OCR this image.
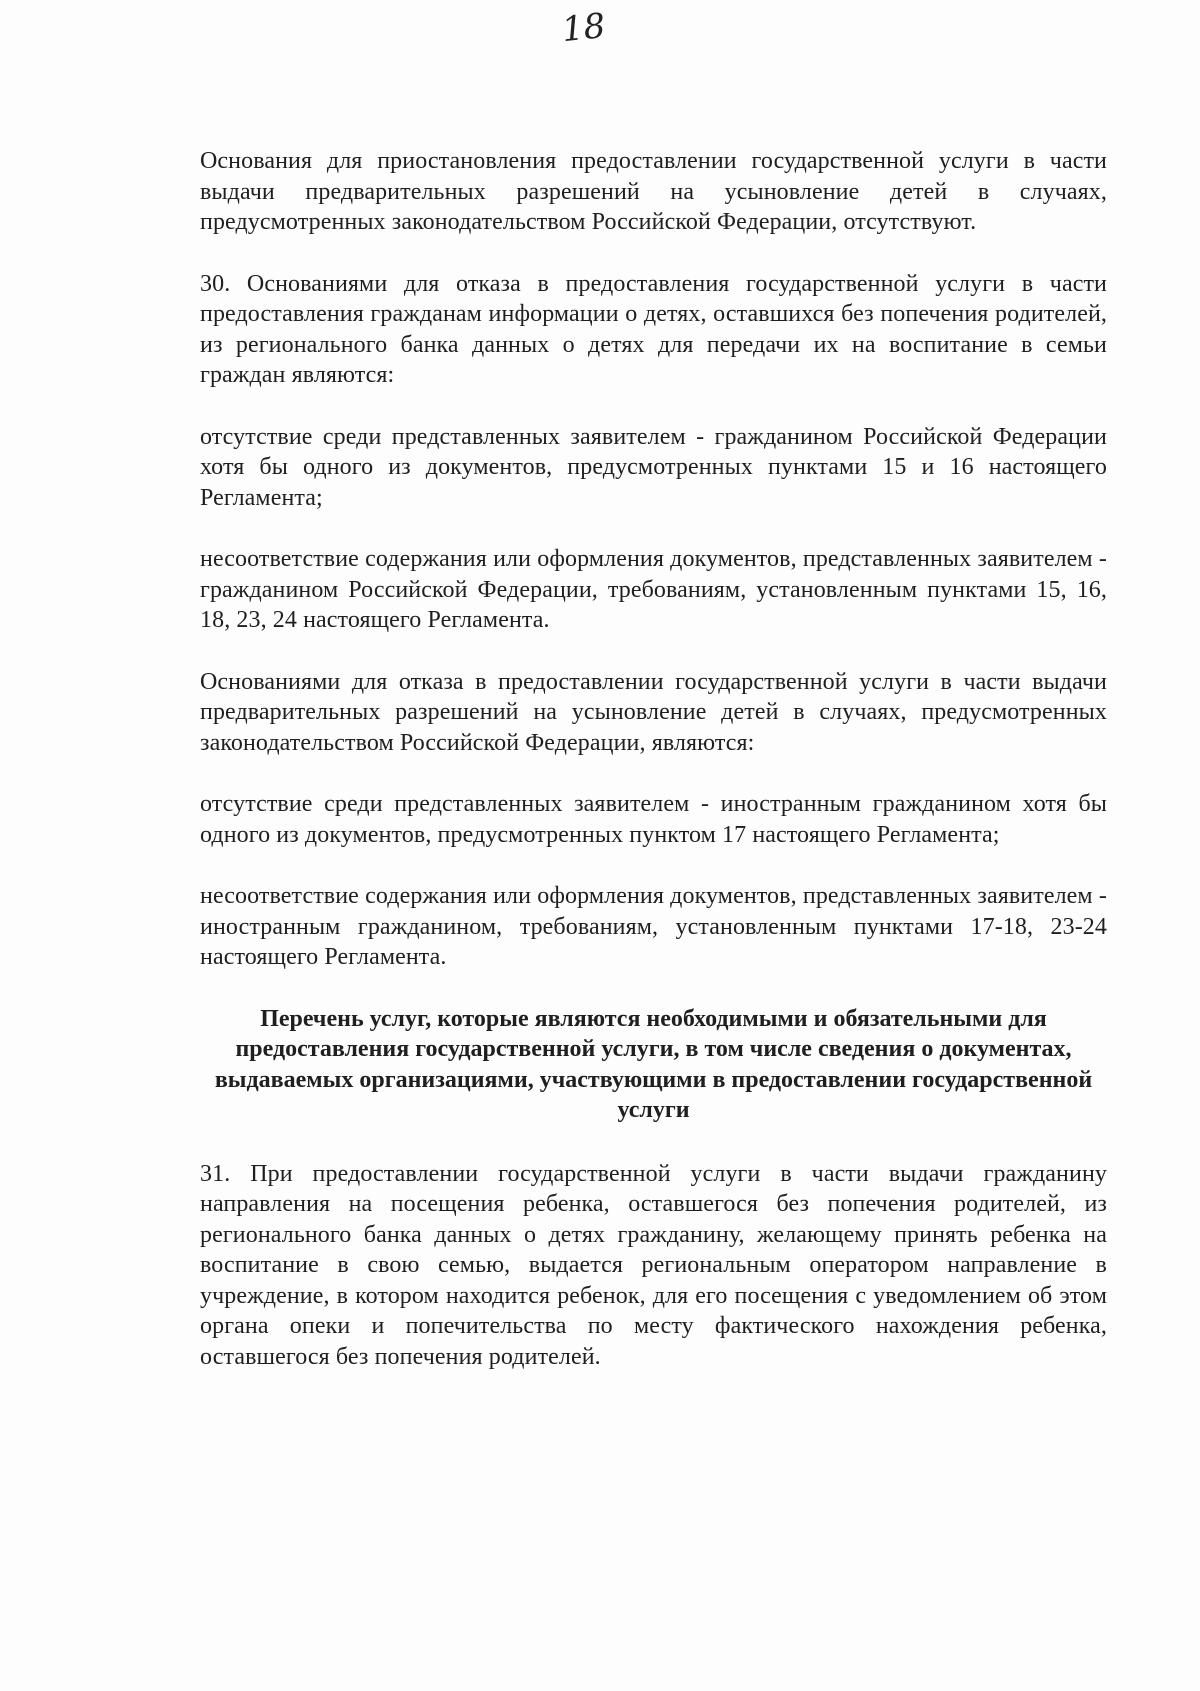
18

Основания для приостановления предоставлении государственной услуги в части выдачи предварительных разрешений на усыновление детей в случаях, предусмотренных законодательством Российской Федерации, отсутствуют.

30. Основаниями для отказа в предоставления государственной услуги в части предоставления гражданам информации о детях, оставшихся без попечения родителей, из регионального банка данных о детях для передачи их на воспитание в семьи граждан являются:

отсутствие среди представленных заявителем - гражданином Российской Федерации хотя бы одного из документов, предусмотренных пунктами 15 и 16 настоящего Регламента;

несоответствие содержания или оформления документов, представленных заявителем - гражданином Российской Федерации, требованиям, установленным пунктами 15, 16, 18, 23, 24 настоящего Регламента.

Основаниями для отказа в предоставлении государственной услуги в части выдачи предварительных разрешений на усыновление детей в случаях, предусмотренных законодательством Российской Федерации, являются:

отсутствие среди представленных заявителем - иностранным гражданином хотя бы одного из документов, предусмотренных пунктом 17 настоящего Регламента;

несоответствие содержания или оформления документов, представленных заявителем - иностранным гражданином, требованиям, установленным пунктами 17-18, 23-24 настоящего Регламента.

Перечень услуг, которые являются необходимыми и обязательными для предоставления государственной услуги, в том числе сведения о документах, выдаваемых организациями, участвующими в предоставлении государственной услуги

31. При предоставлении государственной услуги в части выдачи гражданину направления на посещения ребенка, оставшегося без попечения родителей, из регионального банка данных о детях гражданину, желающему принять ребенка на воспитание в свою семью, выдается региональным оператором направление в учреждение, в котором находится ребенок, для его посещения с уведомлением об этом органа опеки и попечительства по месту фактического нахождения ребенка, оставшегося без попечения родителей.
